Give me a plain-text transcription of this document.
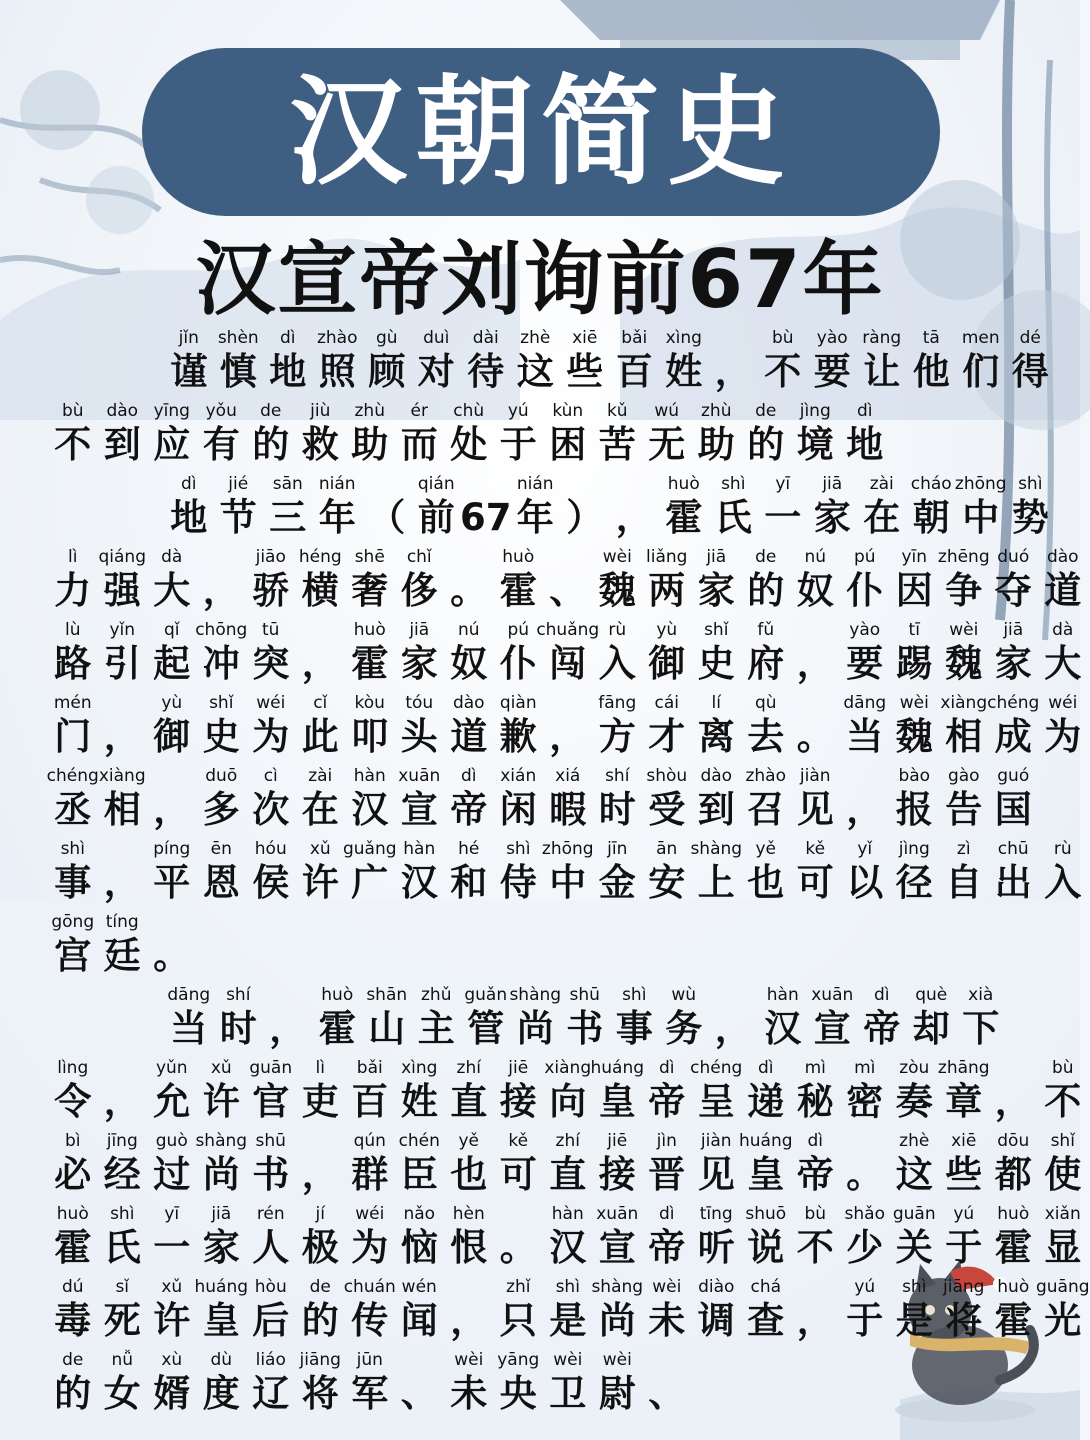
汉朝简史
汉宣帝刘询前67年
jǐn
谨
shèn
慎
dì
地
zhào
照
gù
顾
duì
对
dài
待
zhè
这
xiē
些
bǎi
百
xìng
姓 ，
bù
不
yào
要
ràng
让
tā
他
men
们
dé
得
bù
不
dào
到
yīng
应
yǒu
有
de
的
jiù
救
zhù
助
ér
而
chù
处
yú
于
kùn
困
kǔ
苦
wú
无
zhù
助
de
的
jìng
境
dì
地
dì
地
jié
节
sān
三
nián
年 （
qián
前 67
nián
年 ） ，
huò
霍
shì
氏
yī
一
jiā
家
zài
在
cháo
朝
zhōng
中
shì
势
lì
力
qiáng
强
dà
大 ，
jiāo
骄
héng
横
shē
奢
chǐ
侈 。
huò
霍 、
wèi
魏
liǎng
两
jiā
家
de
的
nú
奴
pú
仆
yīn
因
zhēng
争
duó
夺
dào
道
lù
路
yǐn
引
qǐ
起
chōng
冲
tū
突 ，
huò
霍
jiā
家
nú
奴
pú
仆
chuǎng
闯
rù
入
yù
御
shǐ
史
fǔ
府 ，
yào
要
tī
踢
wèi
魏
jiā
家
dà
大
mén
门 ，
yù
御
shǐ
史
wéi
为
cǐ
此
kòu
叩
tóu
头
dào
道
qiàn
歉 ，
fāng
方
cái
才
lí
离
qù
去 。
dāng
当
wèi
魏
xiàng
相
chéng
成
wéi
为
chéng
丞
xiàng
相 ，
duō
多
cì
次
zài
在
hàn
汉
xuān
宣
dì
帝
xián
闲
xiá
暇
shí
时
shòu
受
dào
到
zhào
召
jiàn
见 ，
bào
报
gào
告
guó
国
shì
事 ，
píng
平
ēn
恩
hóu
侯
xǔ
许
guǎng
广
hàn
汉
hé
和
shì
侍
zhōng
中
jīn
金
ān
安
shàng
上
yě
也
kě
可
yǐ
以
jìng
径
zì
自
chū
出
rù
入
gōng
宫
tíng
廷 。
dāng
当
shí
时 ，
huò
霍
shān
山
zhǔ
主
guǎn
管
shàng
尚
shū
书
shì
事
wù
务 ，
hàn
汉
xuān
宣
dì
帝
què
却
xià
下
lìng
令 ，
yǔn
允
xǔ
许
guān
官
lì
吏
bǎi
百
xìng
姓
zhí
直
jiē
接
xiàng
向
huáng
皇
dì
帝
chéng
呈
dì
递
mì
秘
mì
密
zòu
奏
zhāng
章 ，
bù
不
bì
必
jīng
经
guò
过
shàng
尚
shū
书 ，
qún
群
chén
臣
yě
也
kě
可
zhí
直
jiē
接
jìn
晋
jiàn
见
huáng
皇
dì
帝 。
zhè
这
xiē
些
dōu
都
shǐ
使
huò
霍
shì
氏
yī
一
jiā
家
rén
人
jí
极
wéi
为
nǎo
恼
hèn
恨 。
hàn
汉
xuān
宣
dì
帝
tīng
听
shuō
说
bù
不
shǎo
少
guān
关
yú
于
huò
霍
xiǎn
显
dú
毒
sǐ
死
xǔ
许
huáng
皇
hòu
后
de
的
chuán
传
wén
闻 ，
zhǐ
只
shì
是
shàng
尚
wèi
未
diào
调
chá
查 ，
yú
于
shì
是
jiāng
将
huò
霍
guāng
光
de
的
nǚ
女
xù
婿
dù
度
liáo
辽
jiāng
将
jūn
军 、
wèi
未
yāng
央
wèi
卫
wèi
尉 、
